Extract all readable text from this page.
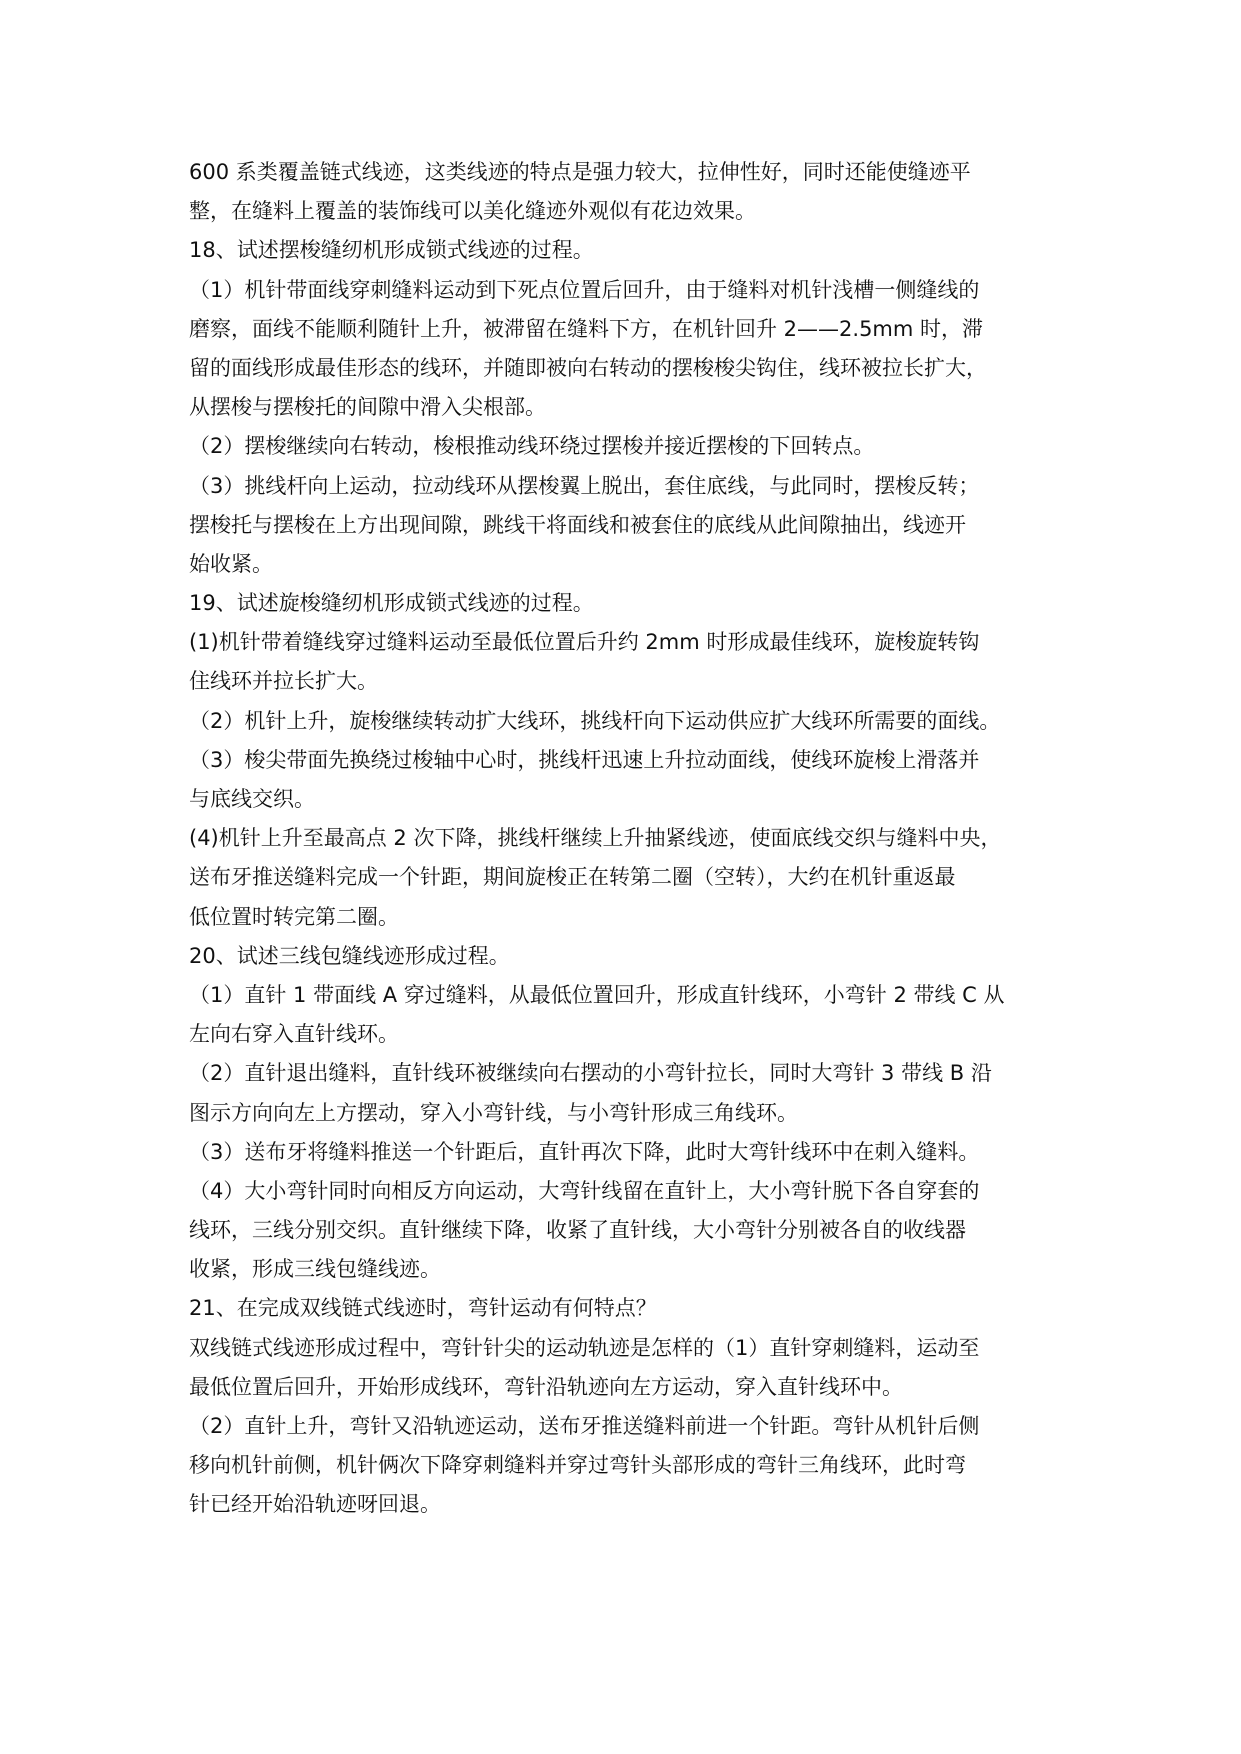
600 系类覆盖链式线迹，这类线迹的特点是强力较大，拉伸性好，同时还能使缝迹平
整，在缝料上覆盖的装饰线可以美化缝迹外观似有花边效果。
18、试述摆梭缝纫机形成锁式线迹的过程。
（1）机针带面线穿刺缝料运动到下死点位置后回升，由于缝料对机针浅槽一侧缝线的
磨察，面线不能顺利随针上升，被滞留在缝料下方，在机针回升 2——2.5mm 时，滞
留的面线形成最佳形态的线环，并随即被向右转动的摆梭梭尖钩住，线环被拉长扩大，
从摆梭与摆梭托的间隙中滑入尖根部。
（2）摆梭继续向右转动，梭根推动线环绕过摆梭并接近摆梭的下回转点。
（3）挑线杆向上运动，拉动线环从摆梭翼上脱出，套住底线，与此同时，摆梭反转；
摆梭托与摆梭在上方出现间隙，跳线干将面线和被套住的底线从此间隙抽出，线迹开
始收紧。
19、试述旋梭缝纫机形成锁式线迹的过程。
(1)机针带着缝线穿过缝料运动至最低位置后升约 2mm 时形成最佳线环，旋梭旋转钩
住线环并拉长扩大。
（2）机针上升，旋梭继续转动扩大线环，挑线杆向下运动供应扩大线环所需要的面线。
（3）梭尖带面先换绕过梭轴中心时，挑线杆迅速上升拉动面线，使线环旋梭上滑落并
与底线交织。
(4)机针上升至最高点 2 次下降，挑线杆继续上升抽紧线迹，使面底线交织与缝料中央，
送布牙推送缝料完成一个针距，期间旋梭正在转第二圈（空转），大约在机针重返最
低位置时转完第二圈。
20、试述三线包缝线迹形成过程。
（1）直针 1 带面线 A 穿过缝料，从最低位置回升，形成直针线环，小弯针 2 带线 C 从
左向右穿入直针线环。
（2）直针退出缝料，直针线环被继续向右摆动的小弯针拉长，同时大弯针 3 带线 B 沿
图示方向向左上方摆动，穿入小弯针线，与小弯针形成三角线环。
（3）送布牙将缝料推送一个针距后，直针再次下降，此时大弯针线环中在刺入缝料。
（4）大小弯针同时向相反方向运动，大弯针线留在直针上，大小弯针脱下各自穿套的
线环，三线分别交织。直针继续下降，收紧了直针线，大小弯针分别被各自的收线器
收紧，形成三线包缝线迹。
21、在完成双线链式线迹时，弯针运动有何特点？
双线链式线迹形成过程中，弯针针尖的运动轨迹是怎样的（1）直针穿刺缝料，运动至
最低位置后回升，开始形成线环，弯针沿轨迹向左方运动，穿入直针线环中。
（2）直针上升，弯针又沿轨迹运动，送布牙推送缝料前进一个针距。弯针从机针后侧
移向机针前侧，机针俩次下降穿刺缝料并穿过弯针头部形成的弯针三角线环，此时弯
针已经开始沿轨迹呀回退。
